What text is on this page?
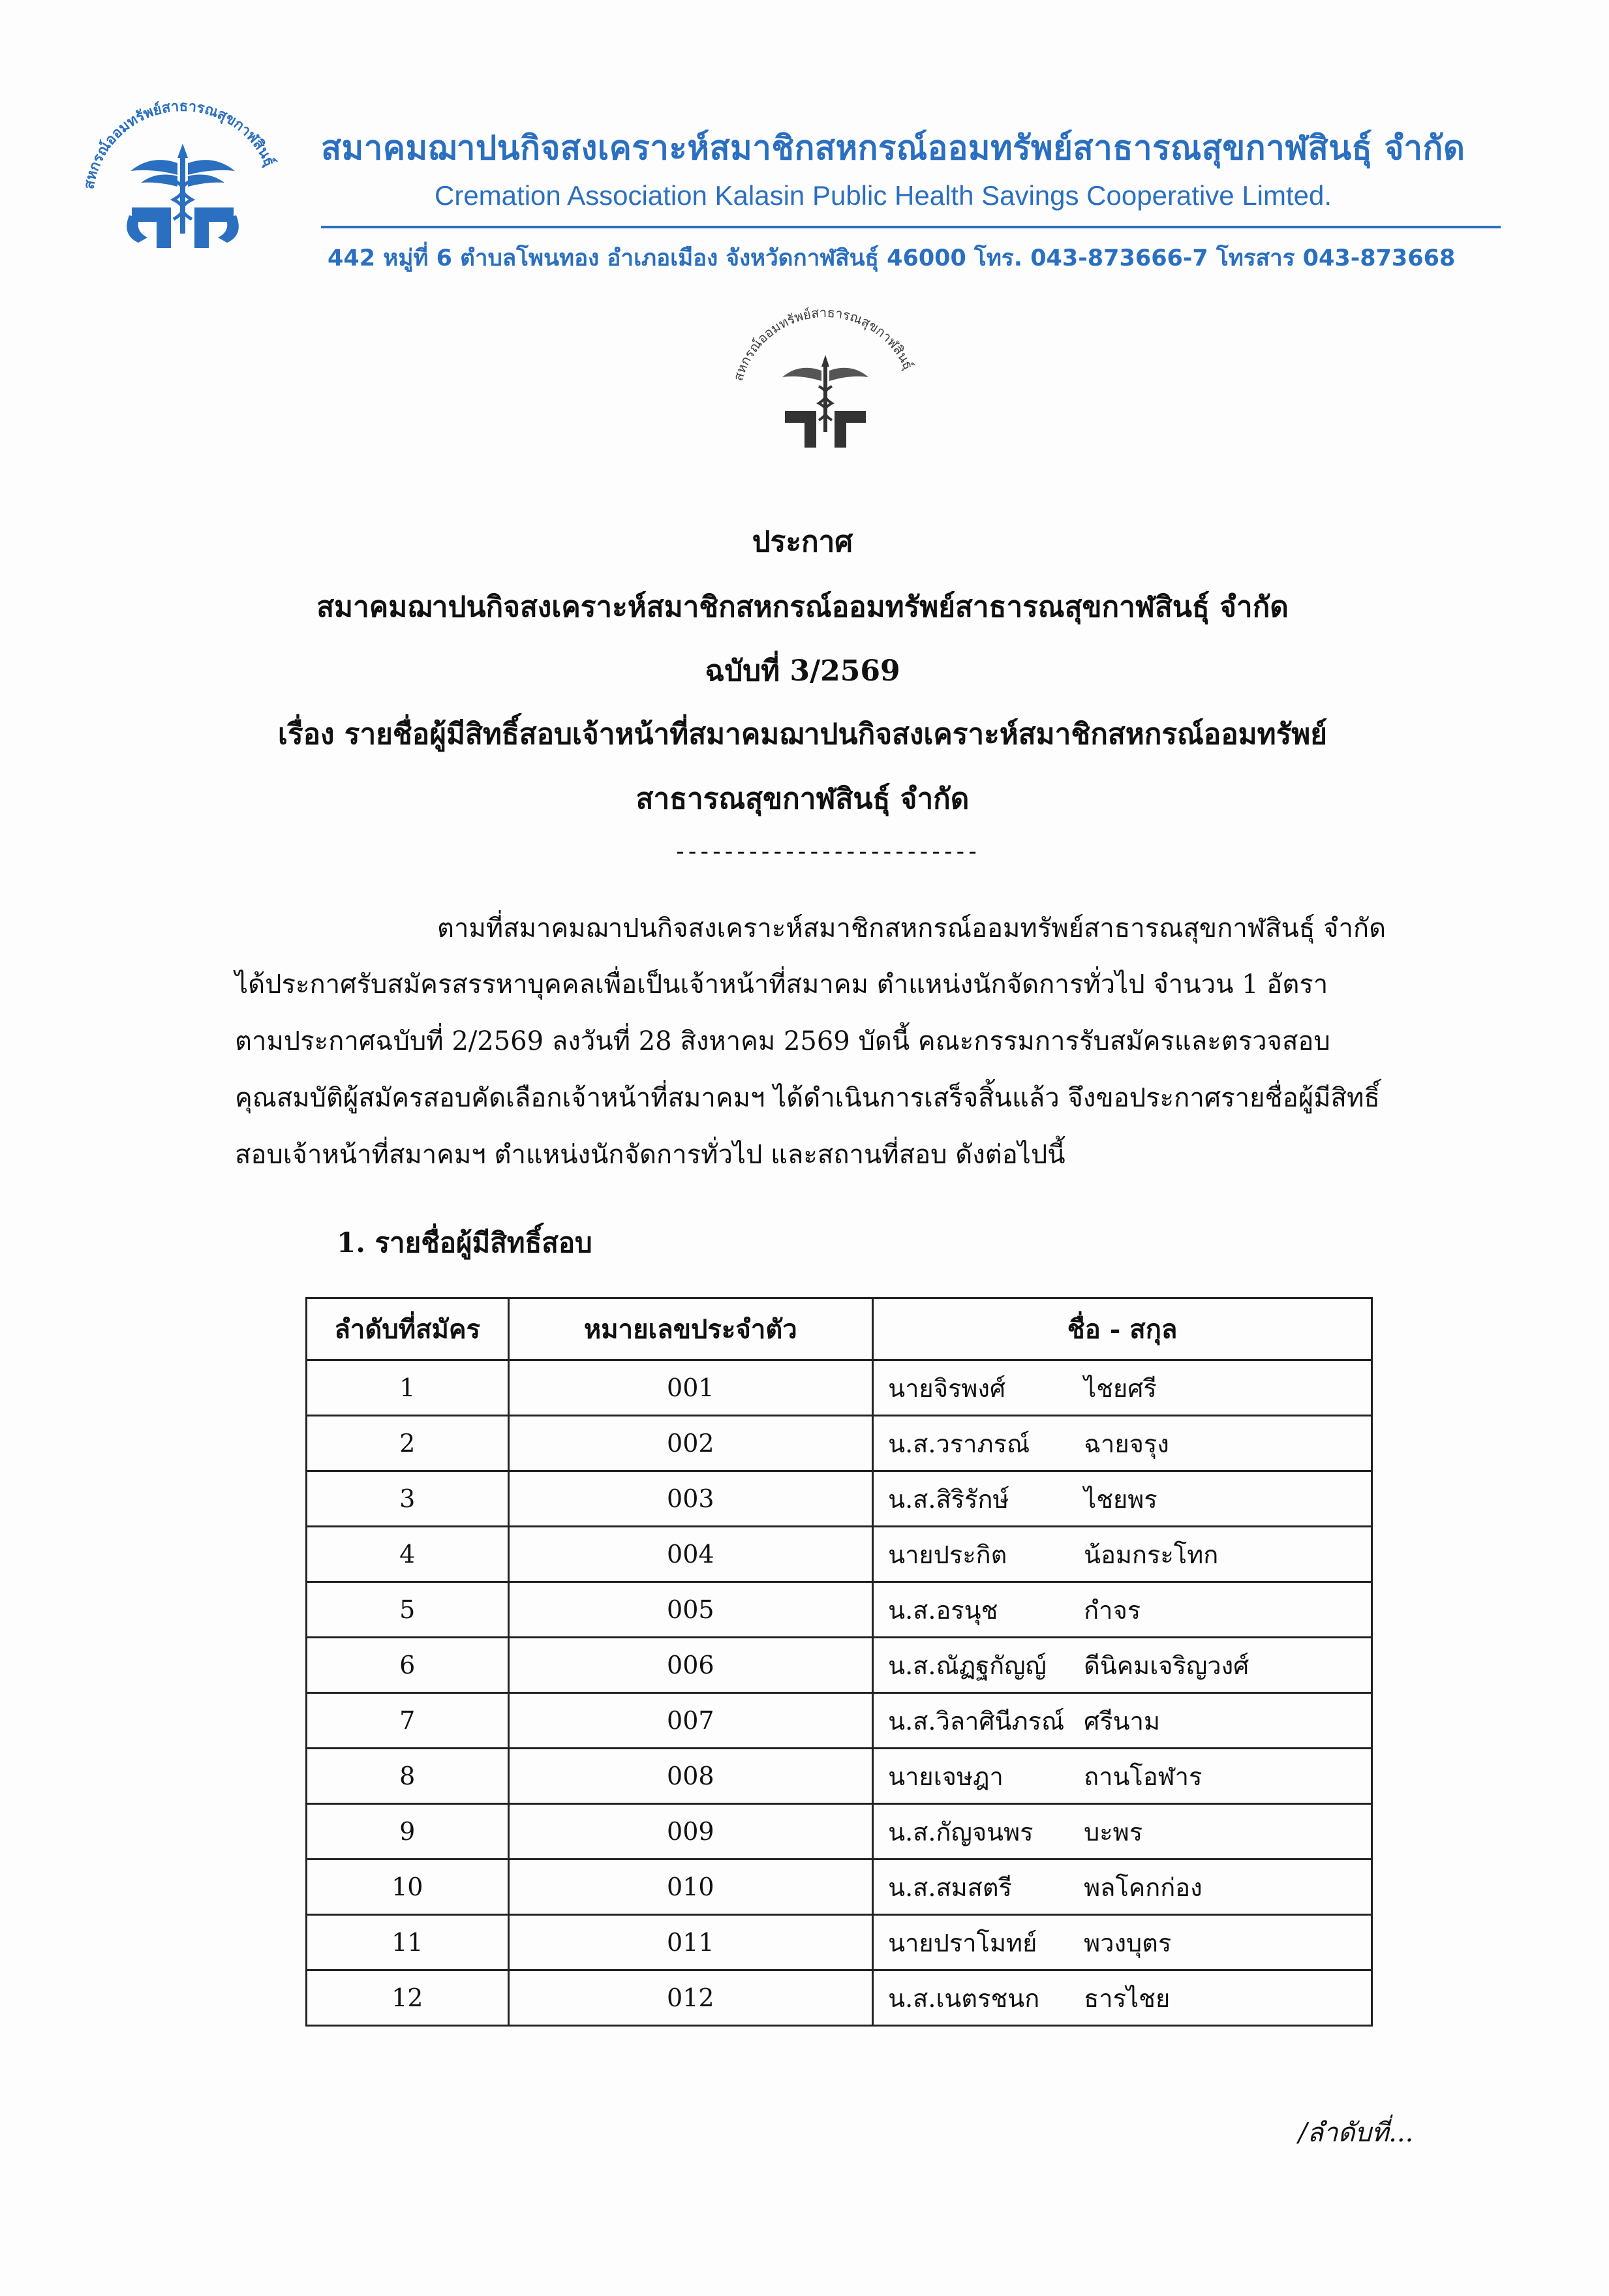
สหกรณ์ออมทรัพย์สาธารณสุขกาฬสินธุ์ สมาคมฌาปนกิจสงเคราะห์สมาชิกสหกรณ์ออมทรัพย์สาธารณสุขกาฬสินธุ์ จำกัด
Cremation Association Kalasin Public Health Savings Cooperative Limted.
442 หมู่ที่ 6 ตำบลโพนทอง อำเภอเมือง จังหวัดกาฬสินธุ์ 46000 โทร. 043-873666-7 โทรสาร 043-873668
สหกรณ์ออมทรัพย์สาธารณสุขกาฬสินธุ์
ประกาศ
สมาคมฌาปนกิจสงเคราะห์สมาชิกสหกรณ์ออมทรัพย์สาธารณสุขกาฬสินธุ์ จำกัด
ฉบับที่ 3/2569
เรื่อง รายชื่อผู้มีสิทธิ์สอบเจ้าหน้าที่สมาคมฌาปนกิจสงเคราะห์สมาชิกสหกรณ์ออมทรัพย์
สาธารณสุขกาฬสินธุ์ จำกัด
-------------------------
ตามที่สมาคมฌาปนกิจสงเคราะห์สมาชิกสหกรณ์ออมทรัพย์สาธารณสุขกาฬสินธุ์ จำกัด
ได้ประกาศรับสมัครสรรหาบุคคลเพื่อเป็นเจ้าหน้าที่สมาคม ตำแหน่งนักจัดการทั่วไป จำนวน 1 อัตรา
ตามประกาศฉบับที่ 2/2569 ลงวันที่ 28 สิงหาคม 2569 บัดนี้ คณะกรรมการรับสมัครและตรวจสอบ
คุณสมบัติผู้สมัครสอบคัดเลือกเจ้าหน้าที่สมาคมฯ ได้ดำเนินการเสร็จสิ้นแล้ว จึงขอประกาศรายชื่อผู้มีสิทธิ์
สอบเจ้าหน้าที่สมาคมฯ ตำแหน่งนักจัดการทั่วไป และสถานที่สอบ ดังต่อไปนี้
1. รายชื่อผู้มีสิทธิ์สอบ
ลำดับที่สมัคร	หมายเลขประจำตัว	ชื่อ - สกุล
1	001	นายจิรพงศ์ ไชยศรี

2	002	น.ส.วราภรณ์ ฉายจรุง

3	003	น.ส.สิริรักษ์ ไชยพร

4	004	นายประกิต น้อมกระโทก

5	005	น.ส.อรนุช กำจร

6	006	น.ส.ณัฏฐกัญญ์ ดีนิคมเจริญวงศ์

7	007	น.ส.วิลาศินีภรณ์ ศรีนาม

8	008	นายเจษฎา ถานโอฬาร

9	009	น.ส.กัญจนพร บะพร

10	010	น.ส.สมสตรี พลโคกก่อง

11	011	นายปราโมทย์ พวงบุตร

12	012	น.ส.เนตรชนก ธารไชย
/ลำดับที่...
